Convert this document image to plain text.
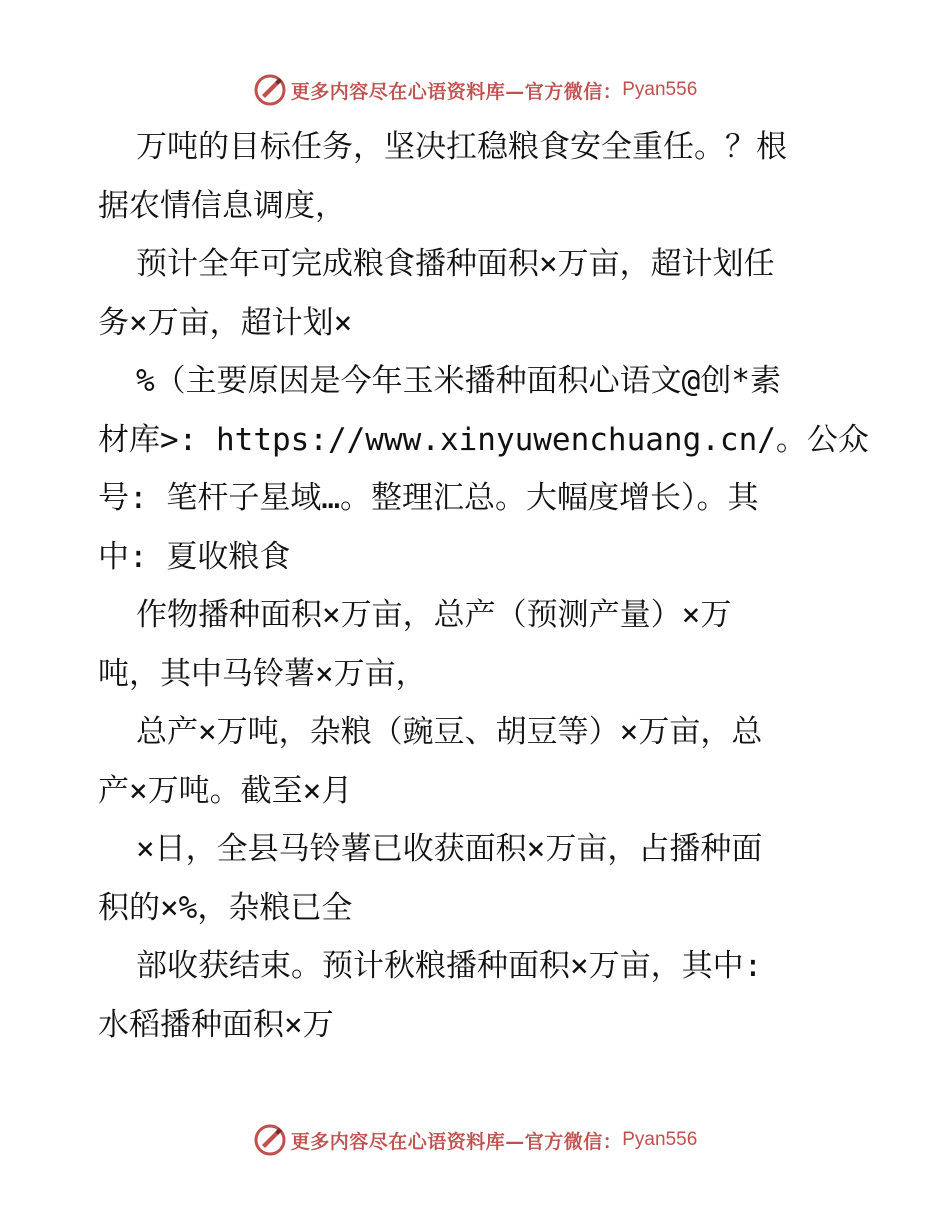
更多内容尽在心语资料库—官方微信： Pyan556
万吨的目标任务，坚决扛稳粮食安全重任。？根
据农情信息调度，
预计全年可完成粮食播种面积×万亩，超计划任
务×万亩，超计划×
%（主要原因是今年玉米播种面积心语文@创*素
材库>: https://www.xinyuwenchuang.cn/。公众
号: 笔杆子星域…。整理汇总。大幅度增长）。其
中: 夏收粮食
作物播种面积×万亩，总产（预测产量）×万
吨，其中马铃薯×万亩，
总产×万吨，杂粮（豌豆、胡豆等）×万亩，总
产×万吨。截至×月
×日，全县马铃薯已收获面积×万亩，占播种面
积的×%，杂粮已全
部收获结束。预计秋粮播种面积×万亩，其中:
水稻播种面积×万
更多内容尽在心语资料库—官方微信： Pyan556
